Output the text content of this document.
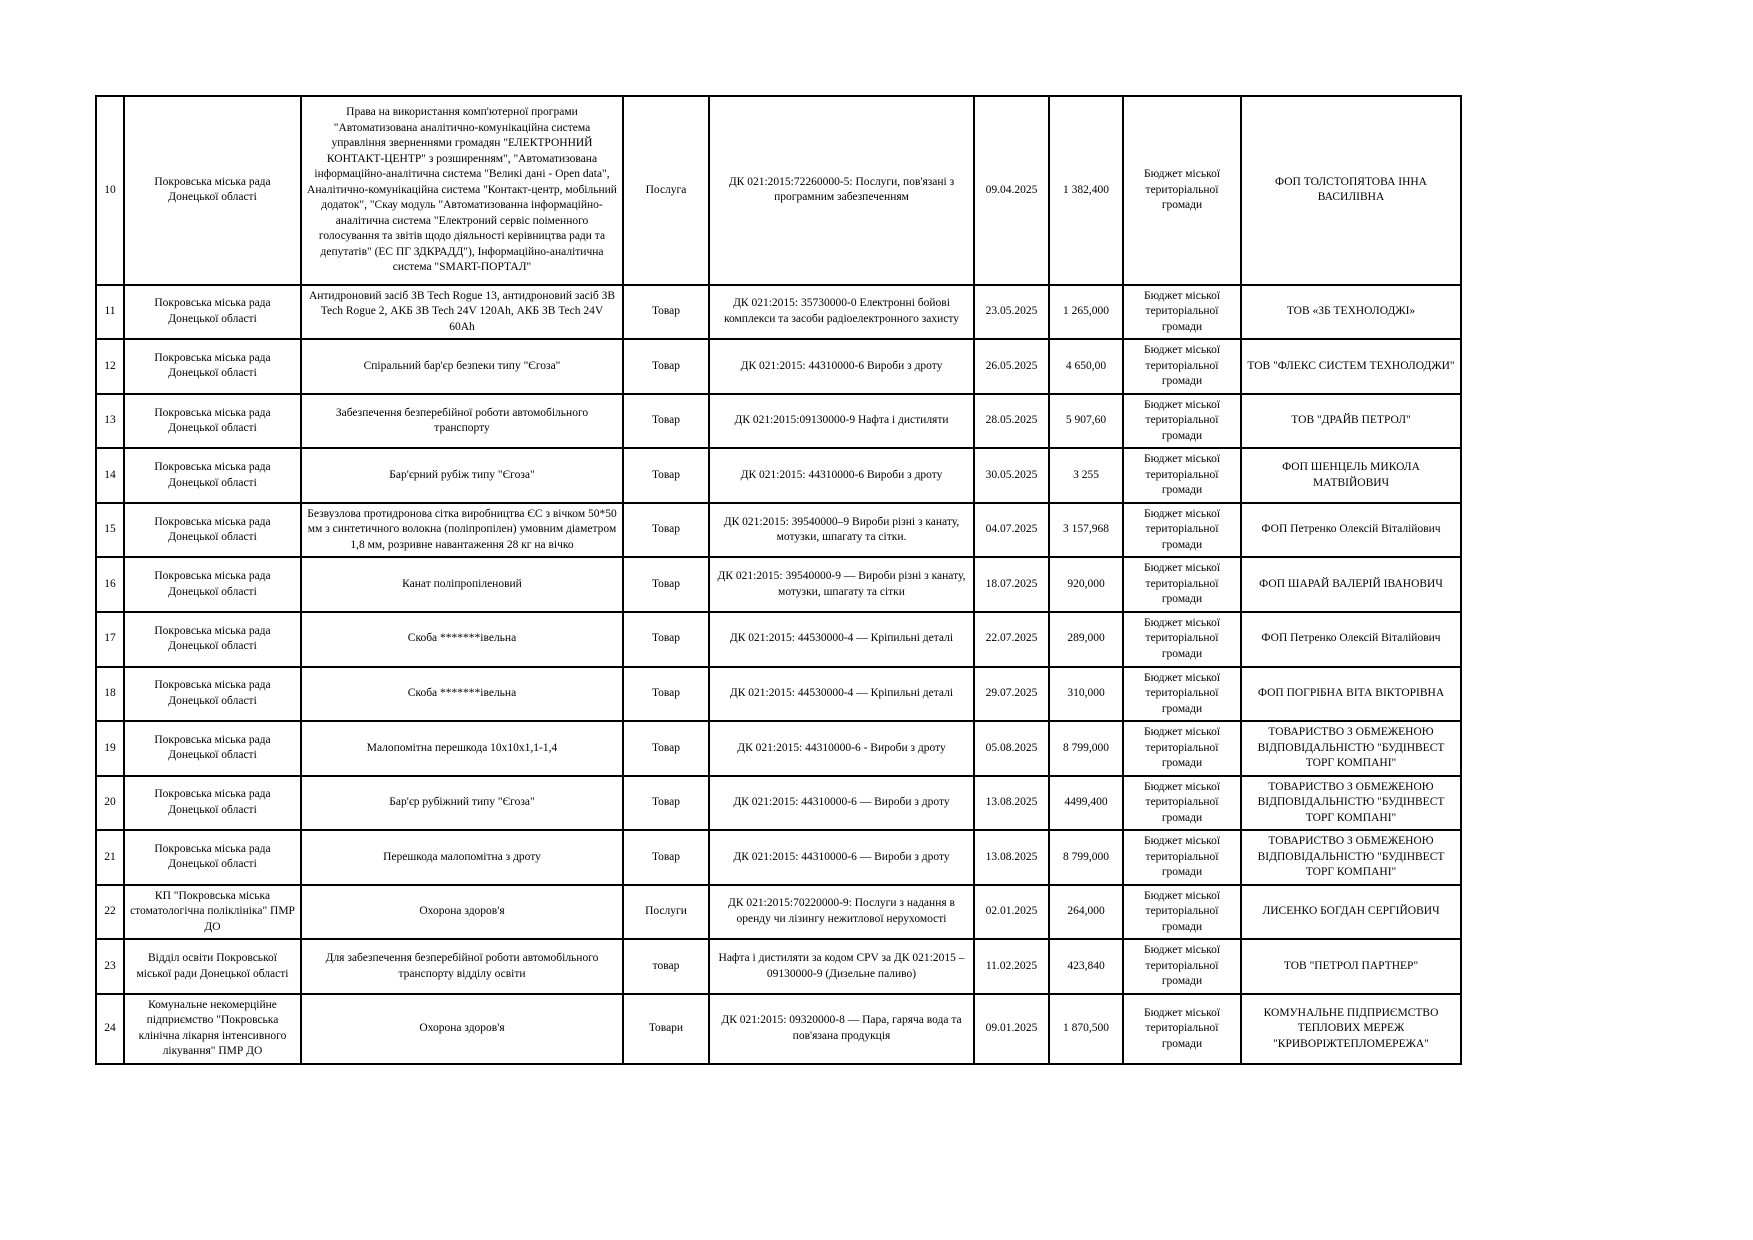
10	Покровська міська рада Донецької області	Права на використання комп'ютерної програми "Автоматизована аналітично-комунікаційна система управління зверненнями громадян "ЕЛЕКТРОННИЙ КОНТАКТ-ЦЕНТР" з розширенням", "Автоматизована інформаційно-аналітична система "Великі дані - Open data", Аналітично-комунікаційна система "Контакт-центр, мобільний додаток", "Скау модуль "Автоматизованна інформаційно-аналітична система "Електроний сервіс поіменного голосування та звітів щодо діяльності керівництва ради та депутатів" (ЕС ПГ ЗДКРАДД"), Інформаційно-аналітична система "SMART-ПОРТАЛ"	Послуга	ДК 021:2015:72260000-5: Послуги, пов'язані з програмним забезпеченням	09.04.2025	1 382,400	Бюджет міської територіальної громади	ФОП ТОЛСТОПЯТОВА ІННА ВАСИЛІВНА
11	Покровська міська рада Донецької області	Антидроновий засіб ЗВ Tech Rogue 13, антидроновий засіб ЗВ Tech Rogue 2, АКБ ЗВ Tech 24V 120Ah, АКБ ЗВ Tech 24V 60Ah	Товар	ДК 021:2015: 35730000-0 Електронні бойові комплекси та засоби радіоелектронного захисту	23.05.2025	1 265,000	Бюджет міської територіальної громади	ТОВ «ЗБ ТЕХНОЛОДЖІ»
12	Покровська міська рада Донецької області	Спіральний бар'єр безпеки типу "Єгоза"	Товар	ДК 021:2015: 44310000-6 Вироби з дроту	26.05.2025	4 650,00	Бюджет міської територіальної громади	ТОВ "ФЛЕКС СИСТЕМ ТЕХНОЛОДЖИ"
13	Покровська міська рада Донецької області	Забезпечення безперебійної роботи автомобільного транспорту	Товар	ДК 021:2015:09130000-9 Нафта і дистиляти	28.05.2025	5 907,60	Бюджет міської територіальної громади	ТОВ "ДРАЙВ ПЕТРОЛ"
14	Покровська міська рада Донецької області	Бар'єрний рубіж типу "Єгоза"	Товар	ДК 021:2015: 44310000-6 Вироби з дроту	30.05.2025	3 255	Бюджет міської територіальної громади	ФОП ШЕНЦЕЛЬ МИКОЛА МАТВІЙОВИЧ
15	Покровська міська рада Донецької області	Безвузлова протидронова сітка виробництва ЄС з вічком 50*50 мм з синтетичного волокна (поліпропілен) умовним діаметром 1,8 мм, розривне навантаження 28 кг на вічко	Товар	ДК 021:2015: 39540000–9 Вироби різні з канату, мотузки, шпагату та сітки.	04.07.2025	3 157,968	Бюджет міської територіальної громади	ФОП Петренко Олексій Віталійович
16	Покровська міська рада Донецької області	Канат поліпропіленовий	Товар	ДК 021:2015: 39540000-9 — Вироби різні з канату, мотузки, шпагату та сітки	18.07.2025	920,000	Бюджет міської територіальної громади	ФОП ШАРАЙ ВАЛЕРІЙ ІВАНОВИЧ
17	Покровська міська рада Донецької області	Скоба *******івельна	Товар	ДК 021:2015: 44530000-4 — Кріпильні деталі	22.07.2025	289,000	Бюджет міської територіальної громади	ФОП Петренко Олексій Віталійович
18	Покровська міська рада Донецької області	Скоба *******івельна	Товар	ДК 021:2015: 44530000-4 — Кріпильні деталі	29.07.2025	310,000	Бюджет міської територіальної громади	ФОП ПОГРІБНА ВІТА ВІКТОРІВНА
19	Покровська міська рада Донецької області	Малопомітна перешкода 10х10х1,1-1,4	Товар	ДК 021:2015: 44310000-6 - Вироби з дроту	05.08.2025	8 799,000	Бюджет міської територіальної громади	ТОВАРИСТВО З ОБМЕЖЕНОЮ ВІДПОВІДАЛЬНІСТЮ "БУДІНВЕСТ ТОРГ КОМПАНІ"
20	Покровська міська рада Донецької області	Бар'єр рубіжний типу "Єгоза"	Товар	ДК 021:2015: 44310000-6 — Вироби з дроту	13.08.2025	4499,400	Бюджет міської територіальної громади	ТОВАРИСТВО З ОБМЕЖЕНОЮ ВІДПОВІДАЛЬНІСТЮ "БУДІНВЕСТ ТОРГ КОМПАНІ"
21	Покровська міська рада Донецької області	Перешкода малопомітна з дроту	Товар	ДК 021:2015: 44310000-6 — Вироби з дроту	13.08.2025	8 799,000	Бюджет міської територіальної громади	ТОВАРИСТВО З ОБМЕЖЕНОЮ ВІДПОВІДАЛЬНІСТЮ "БУДІНВЕСТ ТОРГ КОМПАНІ"
22	КП "Покровська міська стоматологічна поліклініка" ПМР ДО	Охорона здоров'я	Послуги	ДК 021:2015:70220000-9: Послуги з надання в оренду чи лізингу нежитлової нерухомості	02.01.2025	264,000	Бюджет міської територіальної громади	ЛИСЕНКО БОГДАН СЕРГІЙОВИЧ
23	Відділ освіти Покровської міської ради Донецької області	Для забезпечення безперебійної роботи автомобільного транспорту відділу освіти	товар	Нафта і дистиляти за кодом CPV за ДК 021:2015 – 09130000-9 (Дизельне паливо)	11.02.2025	423,840	Бюджет міської територіальної громади	ТОВ "ПЕТРОЛ ПАРТНЕР"
24	Комунальне некомерційне підприємство "Покровська клінічна лікарня інтенсивного лікування" ПМР ДО	Охорона здоров'я	Товари	ДК 021:2015: 09320000-8 — Пара, гаряча вода та пов'язана продукція	09.01.2025	1 870,500	Бюджет міської територіальної громади	КОМУНАЛЬНЕ ПІДПРИЄМСТВО ТЕПЛОВИХ МЕРЕЖ "КРИВОРІЖТЕПЛОМЕРЕЖА"
